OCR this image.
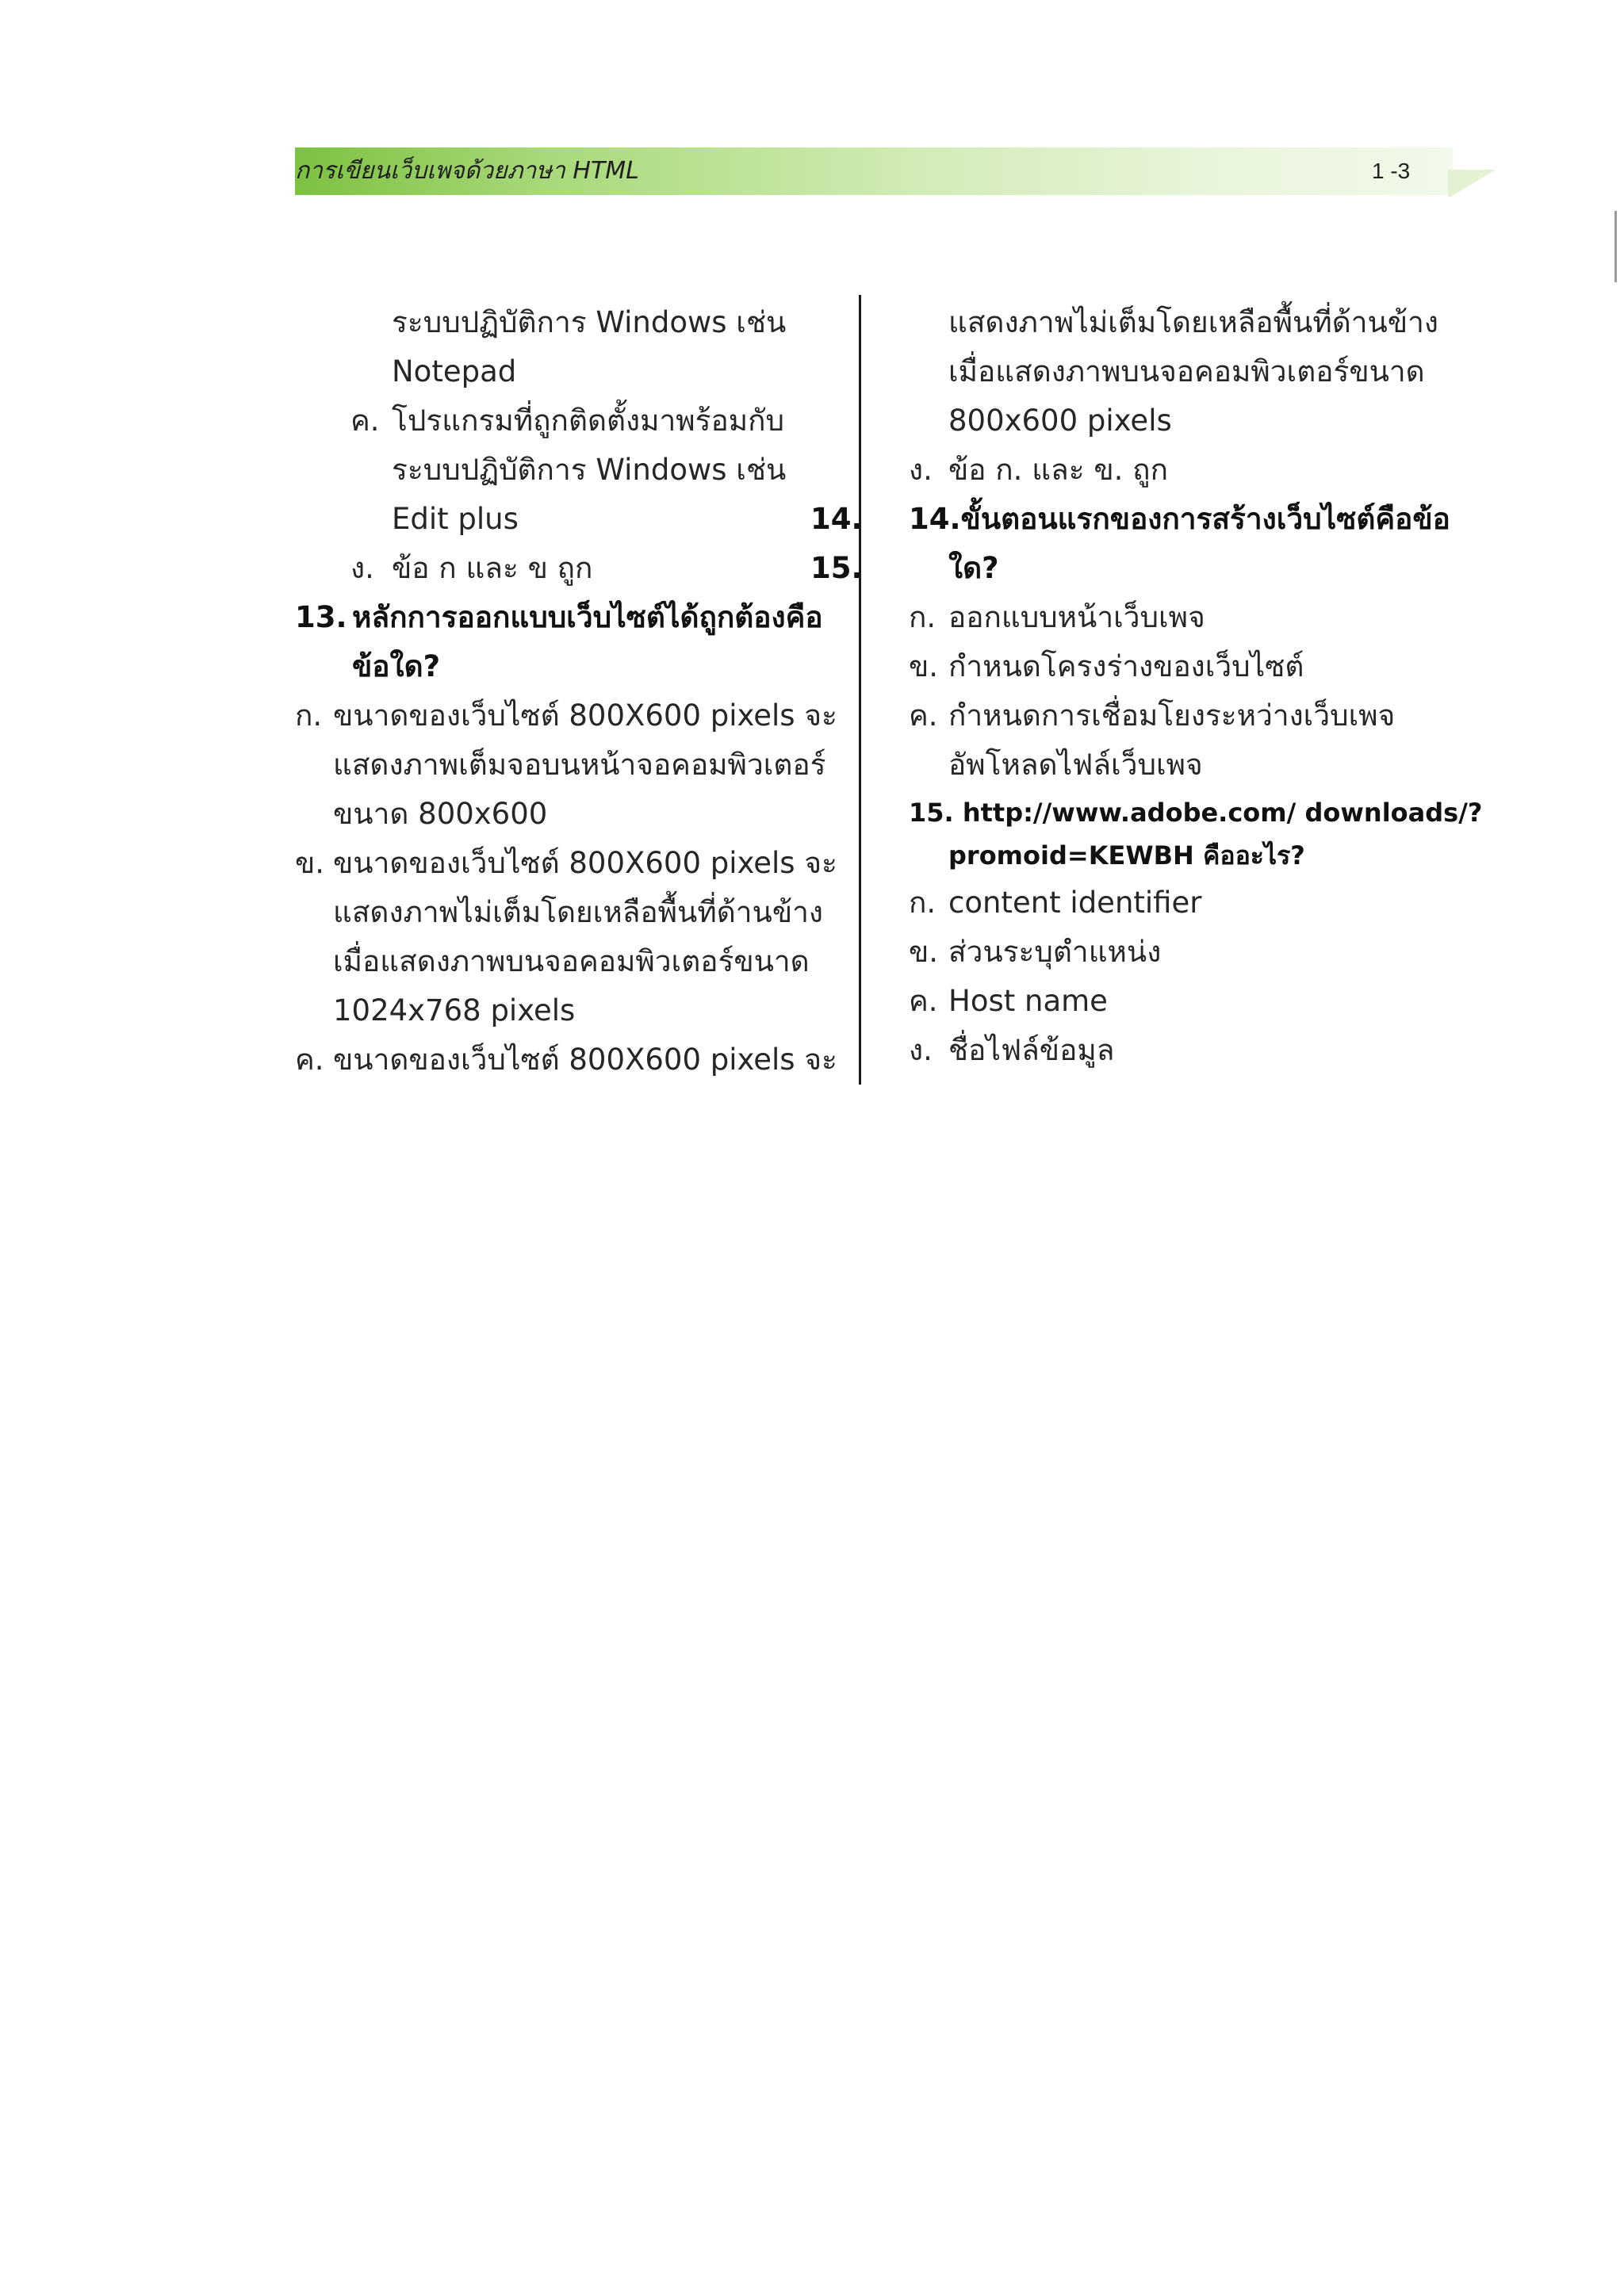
การเขียนเว็บเพจด้วยภาษา HTML	1 -3
ระบบปฏิบัติการ Windows เช่น
Notepad
ค. โปรแกรมที่ถูกติดตั้งมาพร้อมกับ
ระบบปฏิบัติการ Windows เช่น
Edit plus
ง. ข้อ ก และ ข ถูก
13. หลักการออกแบบเว็บไซต์ได้ถูกต้องคือ
ข้อใด?
ก. ขนาดของเว็บไซต์ 800X600 pixels จะ
แสดงภาพเต็มจอบนหน้าจอคอมพิวเตอร์
ขนาด 800x600
ข. ขนาดของเว็บไซต์ 800X600 pixels จะ
แสดงภาพไม่เต็มโดยเหลือพื้นที่ด้านข้าง
เมื่อแสดงภาพบนจอคอมพิวเตอร์ขนาด
1024x768 pixels
ค. ขนาดของเว็บไซต์ 800X600 pixels จะ
14.
15.
แสดงภาพไม่เต็มโดยเหลือพื้นที่ด้านข้าง
เมื่อแสดงภาพบนจอคอมพิวเตอร์ขนาด
800x600 pixels
ง. ข้อ ก. และ ข. ถูก
14.ขั้นตอนแรกของการสร้างเว็บไซต์คือข้อ
ใด?
ก. ออกแบบหน้าเว็บเพจ
ข. กำหนดโครงร่างของเว็บไซต์
ค. กำหนดการเชื่อมโยงระหว่างเว็บเพจ
อัพโหลดไฟล์เว็บเพจ
15. http://www.adobe.com/ downloads/?
promoid=KEWBH คืออะไร?
ก. content identifier
ข. ส่วนระบุตำแหน่ง
ค. Host name
ง. ชื่อไฟล์ข้อมูล
